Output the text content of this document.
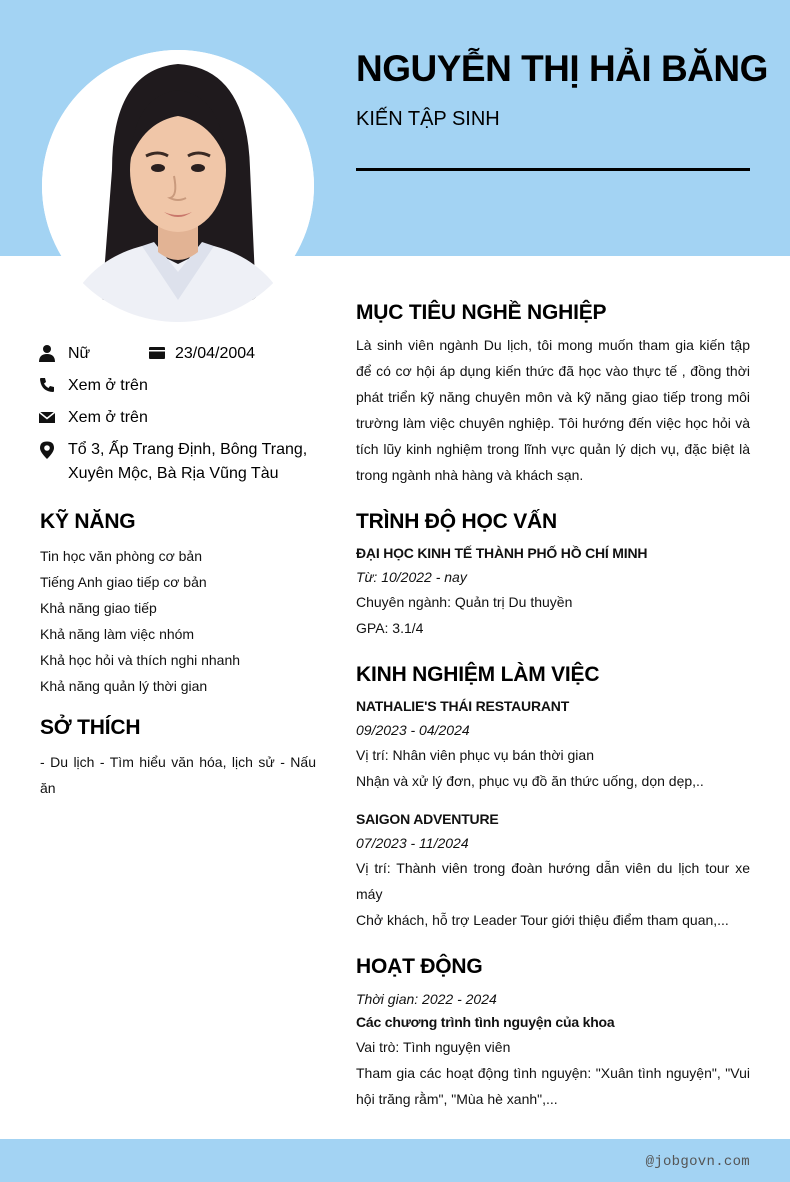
@jobgovn.com
NGUYỄN THỊ HẢI BĂNG
KIẾN TẬP SINH
Nữ	23/04/2004
Xem ở trên
Xem ở trên
Tổ 3, Ấp Trang Định, Bông Trang,
Xuyên Mộc, Bà Rịa Vũng Tàu
KỸ NĂNG
Tin học văn phòng cơ bản
Tiếng Anh giao tiếp cơ bản
Khả năng giao tiếp
Khả năng làm việc nhóm
Khả học hỏi và thích nghi nhanh
Khả năng quản lý thời gian
SỞ THÍCH
- Du lịch - Tìm hiểu văn hóa, lịch sử - Nấu
ăn
MỤC TIÊU NGHỀ NGHIỆP
Là sinh viên ngành Du lịch, tôi mong muốn tham gia kiến tập
để có cơ hội áp dụng kiến thức đã học vào thực tế , đồng thời
phát triển kỹ năng chuyên môn và kỹ năng giao tiếp trong môi
trường làm việc chuyên nghiệp. Tôi hướng đến việc học hỏi và
tích lũy kinh nghiệm trong lĩnh vực quản lý dịch vụ, đặc biệt là
trong ngành nhà hàng và khách sạn.
TRÌNH ĐỘ HỌC VẤN
ĐẠI HỌC KINH TẾ THÀNH PHỐ HỒ CHÍ MINH
Từ: 10/2022 - nay
Chuyên ngành: Quản trị Du thuyền
GPA: 3.1/4
KINH NGHIỆM LÀM VIỆC
NATHALIE'S THÁI RESTAURANT
09/2023 - 04/2024
Vị trí: Nhân viên phục vụ bán thời gian
Nhận và xử lý đơn, phục vụ đồ ăn thức uống, dọn dẹp,..
SAIGON ADVENTURE
07/2023 - 11/2024
Vị trí: Thành viên trong đoàn hướng dẫn viên du lịch tour xe
máy
Chở khách, hỗ trợ Leader Tour giới thiệu điểm tham quan,...
HOẠT ĐỘNG
Thời gian: 2022 - 2024
Các chương trình tình nguyện của khoa
Vai trò: Tình nguyện viên
Tham gia các hoạt động tình nguyện: "Xuân tình nguyện", "Vui
hội trăng rằm", "Mùa hè xanh",...
